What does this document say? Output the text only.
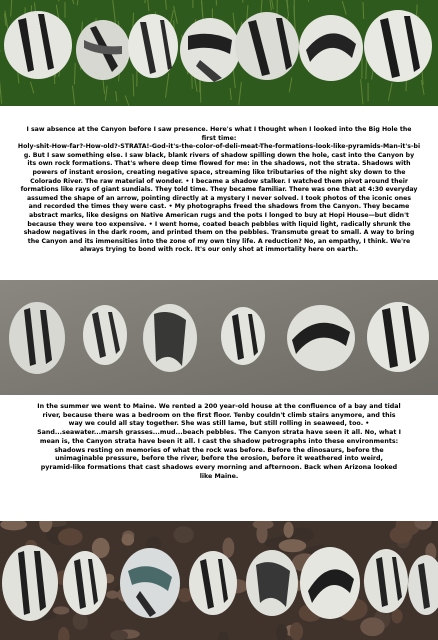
I saw absence at the Canyon before I saw presence. Here's what I thought when I looked into the Big Hole the
first time:
Holy-shit-How-far?-How-old?-STRATA!-God-it's-the-color-of-deli-meat-The-formations-look-like-pyramids-Man-it's-bi
g. But I saw something else. I saw black, blank rivers of shadow spilling down the hole, cast into the Canyon by
its own rock formations. That's where deep time flowed for me: in the shadows, not the strata. Shadows with
powers of instant erosion, creating negative space, streaming like tributaries of the night sky down to the
Colorado River. The raw material of wonder. • I became a shadow stalker. I watched them pivot around their
formations like rays of giant sundials. They told time. They became familiar. There was one that at 4:30 everyday
assumed the shape of an arrow, pointing directly at a mystery I never solved. I took photos of the iconic ones
and recorded the times they were cast. • My photographs freed the shadows from the Canyon. They became
abstract marks, like designs on Native American rugs and the pots I longed to buy at Hopi House—but didn't
because they were too expensive. • I went home, coated beach pebbles with liquid light, radically shrunk the
shadow negatives in the dark room, and printed them on the pebbles. Transmute great to small. A way to bring
the Canyon and its immensities into the zone of my own tiny life. A reduction? No, an empathy, I think. We're
always trying to bond with rock. It's our only shot at immortality here on earth.

In the summer we went to Maine. We rented a 200 year-old house at the confluence of a bay and tidal
river, because there was a bedroom on the first floor. Tenby couldn't climb stairs anymore, and this
way we could all stay together. She was still lame, but still rolling in seaweed, too. •
Sand...seawater...marsh grasses...mud...beach pebbles. The Canyon strata have seen it all. No, what I
mean is, the Canyon strata have been it all. I cast the shadow petrographs into these environments:
shadows resting on memories of what the rock was before. Before the dinosaurs, before the
unimaginable pressure, before the river, before the erosion, before it weathered into weird,
pyramid-like formations that cast shadows every morning and afternoon. Back when Arizona looked
like Maine.
